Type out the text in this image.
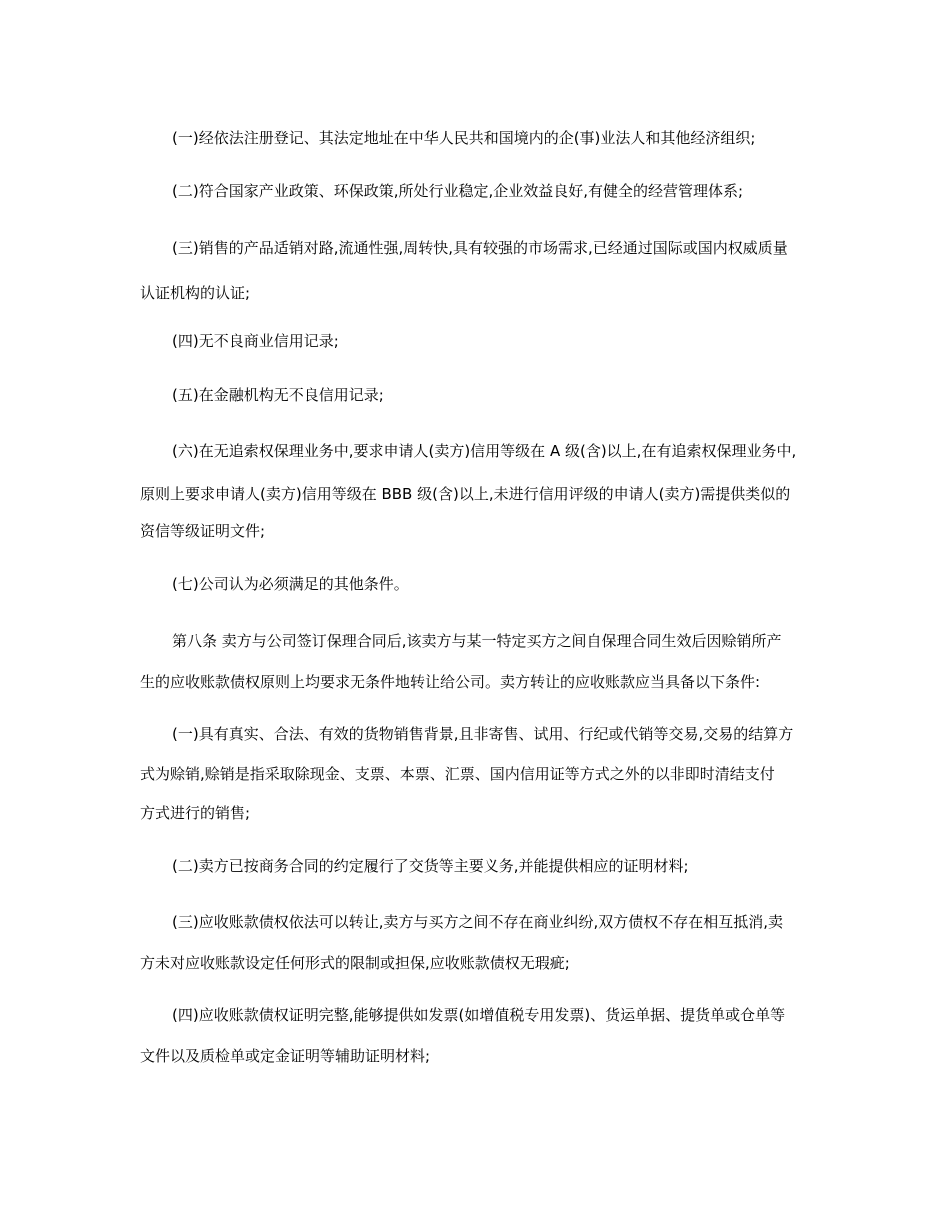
(一)经依法注册登记、其法定地址在中华人民共和国境内的企(事)业法人和其他经济组织;
(二)符合国家产业政策、环保政策,所处行业稳定,企业效益良好,有健全的经营管理体系;
(三)销售的产品适销对路,流通性强,周转快,具有较强的市场需求,已经通过国际或国内权威质量
认证机构的认证;
(四)无不良商业信用记录;
(五)在金融机构无不良信用记录;
(六)在无追索权保理业务中,要求申请人(卖方)信用等级在 A 级(含)以上,在有追索权保理业务中,
原则上要求申请人(卖方)信用等级在 BBB 级(含)以上,未进行信用评级的申请人(卖方)需提供类似的
资信等级证明文件;
(七)公司认为必须满足的其他条件。
第八条 卖方与公司签订保理合同后,该卖方与某一特定买方之间自保理合同生效后因赊销所产
生的应收账款债权原则上均要求无条件地转让给公司。卖方转让的应收账款应当具备以下条件:
(一)具有真实、合法、有效的货物销售背景,且非寄售、试用、行纪或代销等交易,交易的结算方
式为赊销,赊销是指采取除现金、支票、本票、汇票、国内信用证等方式之外的以非即时清结支付
方式进行的销售;
(二)卖方已按商务合同的约定履行了交货等主要义务,并能提供相应的证明材料;
(三)应收账款债权依法可以转让,卖方与买方之间不存在商业纠纷,双方债权不存在相互抵消,卖
方未对应收账款设定任何形式的限制或担保,应收账款债权无瑕疵;
(四)应收账款债权证明完整,能够提供如发票(如增值税专用发票)、货运单据、提货单或仓单等
文件以及质检单或定金证明等辅助证明材料;
